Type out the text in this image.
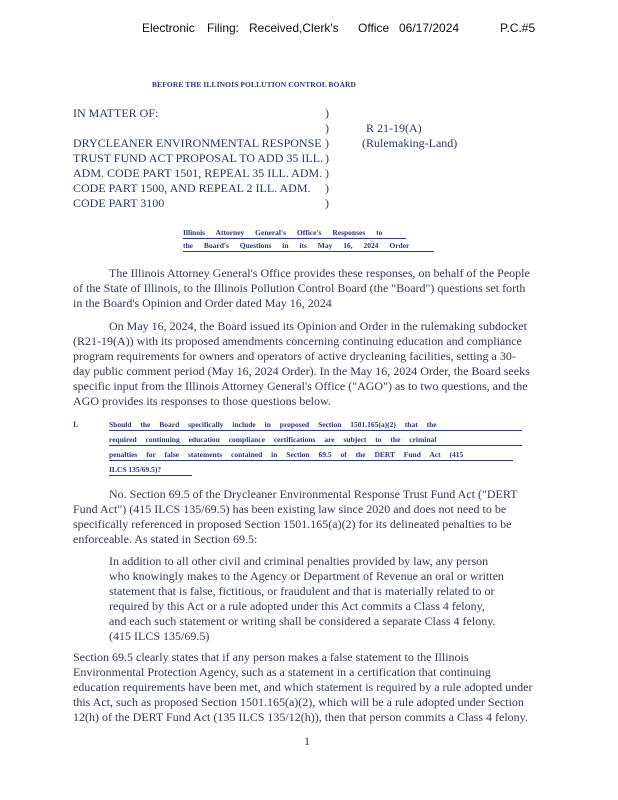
Electronic Filing: Received,Clerk's Office 06/17/2024	P.C.#5
BEFORE THE ILLINOIS POLLUTION CONTROL BOARD
IN MATTER OF:
DRYCLEANER ENVIRONMENTAL RESPONSE
TRUST FUND ACT PROPOSAL TO ADD 35 ILL.
ADM. CODE PART 1501, REPEAL 35 ILL. ADM.
CODE PART 1500, AND REPEAL 2 ILL. ADM.
CODE PART 3100
)
)
)
)
)
)
)
R 21-19(A)
(Rulemaking-Land)
Illinois Attorney General's Office's Responses to
the Board's Questions in its May 16, 2024 Order
The Illinois Attorney General's Office provides these responses, on behalf of the People
of the State of Illinois, to the Illinois Pollution Control Board (the "Board") questions set forth
in the Board's Opinion and Order dated May 16, 2024
On May 16, 2024, the Board issued its Opinion and Order in the rulemaking subdocket
(R21-19(A)) with its proposed amendments concerning continuing education and compliance
program requirements for owners and operators of active drycleaning facilities, setting a 30-
day public comment period (May 16, 2024 Order). In the May 16, 2024 Order, the Board seeks
specific input from the Illinois Attorney General's Office ("AGO") as to two questions, and the
AGO provides its responses to those questions below.
I.	Should the Board specifically include in proposed Section 1501.165(a)(2) that the
required continuing education compliance certifications are subject to the criminal
penalties for false statements contained in Section 69.5 of the DERT Fund Act (415
ILCS 135/69.5)?
No. Section 69.5 of the Drycleaner Environmental Response Trust Fund Act ("DERT
Fund Act") (415 ILCS 135/69.5) has been existing law since 2020 and does not need to be
specifically referenced in proposed Section 1501.165(a)(2) for its delineated penalties to be
enforceable. As stated in Section 69.5:
In addition to all other civil and criminal penalties provided by law, any person
who knowingly makes to the Agency or Department of Revenue an oral or written
statement that is false, fictitious, or fraudulent and that is materially related to or
required by this Act or a rule adopted under this Act commits a Class 4 felony,
and each such statement or writing shall be considered a separate Class 4 felony.
(415 ILCS 135/69.5)
Section 69.5 clearly states that if any person makes a false statement to the Illinois
Environmental Protection Agency, such as a statement in a certification that continuing
education requirements have been met, and which statement is required by a rule adopted under
this Act, such as proposed Section 1501.165(a)(2), which will be a rule adopted under Section
12(h) of the DERT Fund Act (135 ILCS 135/12(h)), then that person commits a Class 4 felony.
1
